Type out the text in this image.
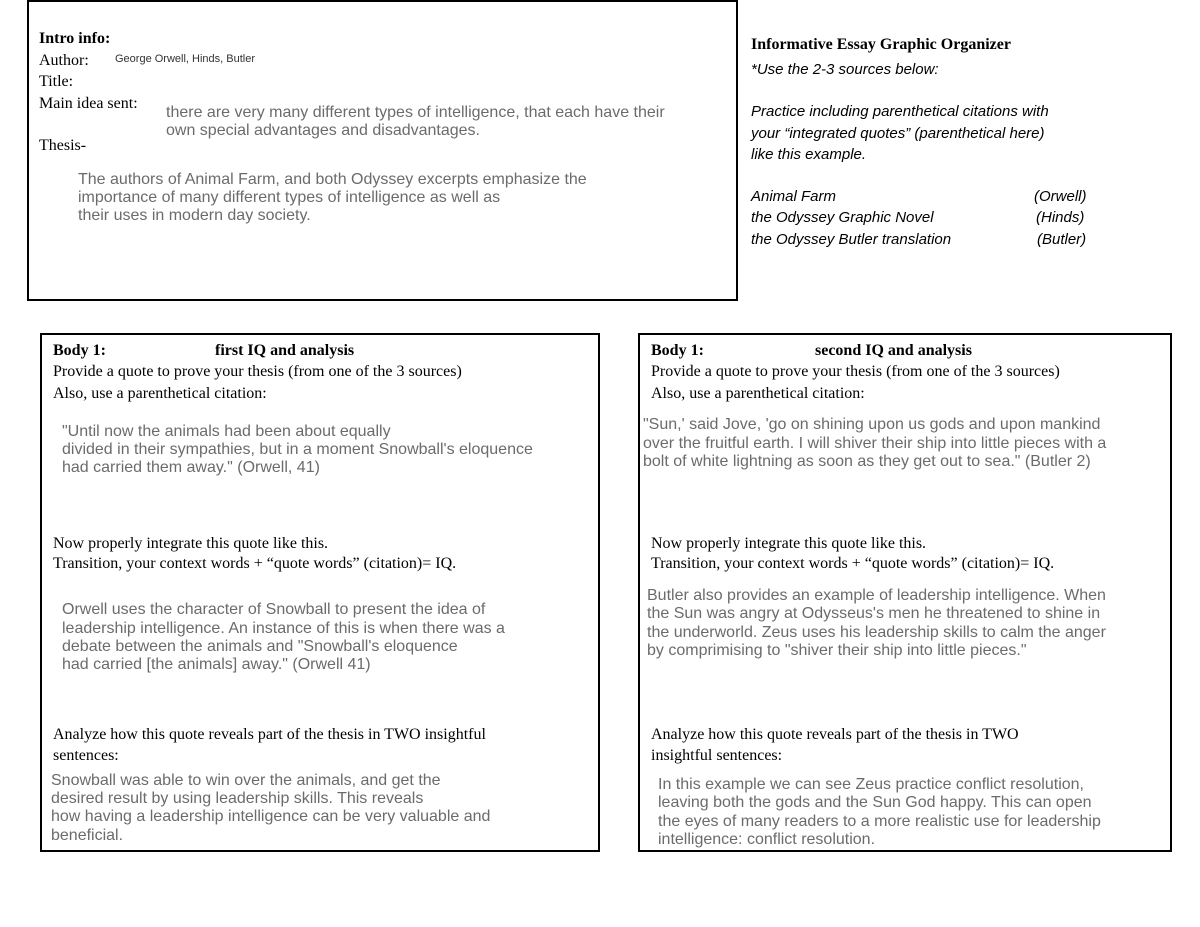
Intro info:
Author: George Orwell, Hinds, Butler
Title:
Main idea sent:
there are very many different types of intelligence, that each have their
own special advantages and disadvantages.
Thesis-
The authors of Animal Farm, and both Odyssey excerpts emphasize the
importance of many different types of intelligence as well as
their uses in modern day society.
Informative Essay Graphic Organizer
*Use the 2-3 sources below:
Practice including parenthetical citations with
your “integrated quotes” (parenthetical here)
like this example.
Animal Farm	(Orwell)
the Odyssey Graphic Novel	(Hinds)
the Odyssey Butler translation	(Butler)
Body 1:	first IQ and analysis
Provide a quote to prove your thesis (from one of the 3 sources)
Also, use a parenthetical citation:
"Until now the animals had been about equally
divided in their sympathies, but in a moment Snowball's eloquence
had carried them away." (Orwell, 41)
Now properly integrate this quote like this.
Transition, your context words + “quote words” (citation)= IQ.
Orwell uses the character of Snowball to present the idea of
leadership intelligence. An instance of this is when there was a
debate between the animals and "Snowball's eloquence
had carried [the animals] away." (Orwell 41)
Analyze how this quote reveals part of the thesis in TWO insightful
sentences:
Snowball was able to win over the animals, and get the
desired result by using leadership skills. This reveals
how having a leadership intelligence can be very valuable and
beneficial.
Body 1:	second IQ and analysis
Provide a quote to prove your thesis (from one of the 3 sources)
Also, use a parenthetical citation:
"Sun,' said Jove, 'go on shining upon us gods and upon mankind
over the fruitful earth. I will shiver their ship into little pieces with a
bolt of white lightning as soon as they get out to sea." (Butler 2)
Now properly integrate this quote like this.
Transition, your context words + “quote words” (citation)= IQ.
Butler also provides an example of leadership intelligence. When
the Sun was angry at Odysseus's men he threatened to shine in
the underworld. Zeus uses his leadership skills to calm the anger
by comprimising to "shiver their ship into little pieces."
Analyze how this quote reveals part of the thesis in TWO
insightful sentences:
In this example we can see Zeus practice conflict resolution,
leaving both the gods and the Sun God happy. This can open
the eyes of many readers to a more realistic use for leadership
intelligence: conflict resolution.
